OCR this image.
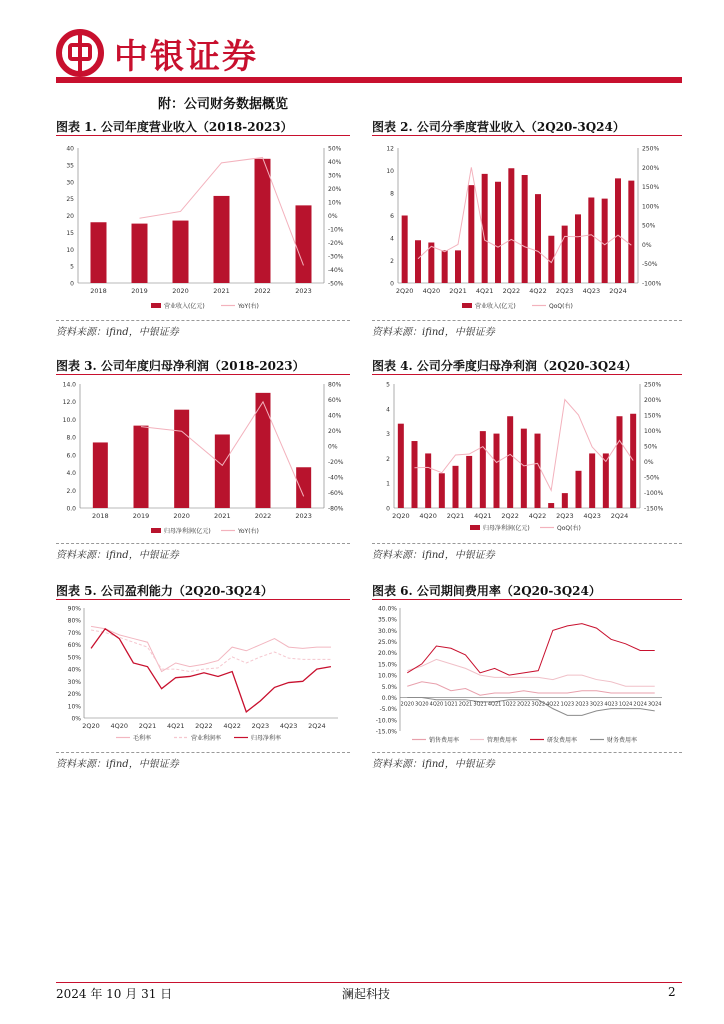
中银证券
附：公司财务数据概览
图表 1. 公司年度营业收入（2018-2023）	图表 2. 公司分季度营业收入（2Q20-3Q24）
图表 3. 公司年度归母净利润（2018-2023）	图表 4. 公司分季度归母净利润（2Q20-3Q24）
图表 5. 公司盈利能力（2Q20-3Q24）	图表 6. 公司期间费用率（2Q20-3Q24）
资料来源：ifind，中银证券	资料来源：ifind，中银证券
资料来源：ifind，中银证券	资料来源：ifind，中银证券
资料来源：ifind，中银证券	资料来源：ifind，中银证券
0
5
10
15
20
25
30
35
40
-50%
-40%
-30%
-20%
-10%
0%
10%
20%
30%
40%
50%
2018	2019	2020	2021	2022	2023
营业收入(亿元)	YoY(右)
0
2
4
6
8
10
12
-100%
-50%
0%
50%
100%
150%
200%
250%
2Q20 4Q20 2Q21 4Q21 2Q22 4Q22 2Q23 4Q23 2Q24
营业收入(亿元)	QoQ(右)
0.0
2.0
4.0
6.0
8.0
10.0
12.0
14.0
-80%
-60%
-40%
-20%
0%
20%
40%
60%
80%
2018	2019	2020	2021	2022	2023
归母净利润(亿元)	YoY(右)
0
1
2
3
4
5
-150%
-100%
-50%
0%
50%
100%
150%
200%
250%
2Q20 4Q20 2Q21 4Q21 2Q22 4Q22 2Q23 4Q23 2Q24
归母净利润(亿元)	QoQ(右)
0%
10%
20%
30%
40%
50%
60%
70%
80%
90%
2Q20 4Q20 2Q21 4Q21 2Q22 4Q22 2Q23 4Q23 2Q24
毛利率	营业利润率	归母净利率
-15.0%
-10.0%
-5.0%
0.0%
5.0%
10.0%
15.0%
20.0%
25.0%
30.0%
35.0%
40.0%
2Q20 3Q20 4Q20 1Q21 2Q21 3Q21 4Q21 1Q22 2Q22 3Q22 4Q22 1Q23 2Q23 3Q23 4Q23 1Q24 2Q24 3Q24
销售费用率	管理费用率	研发费用率	财务费用率
2024 年 10 月 31 日	澜起科技	2
